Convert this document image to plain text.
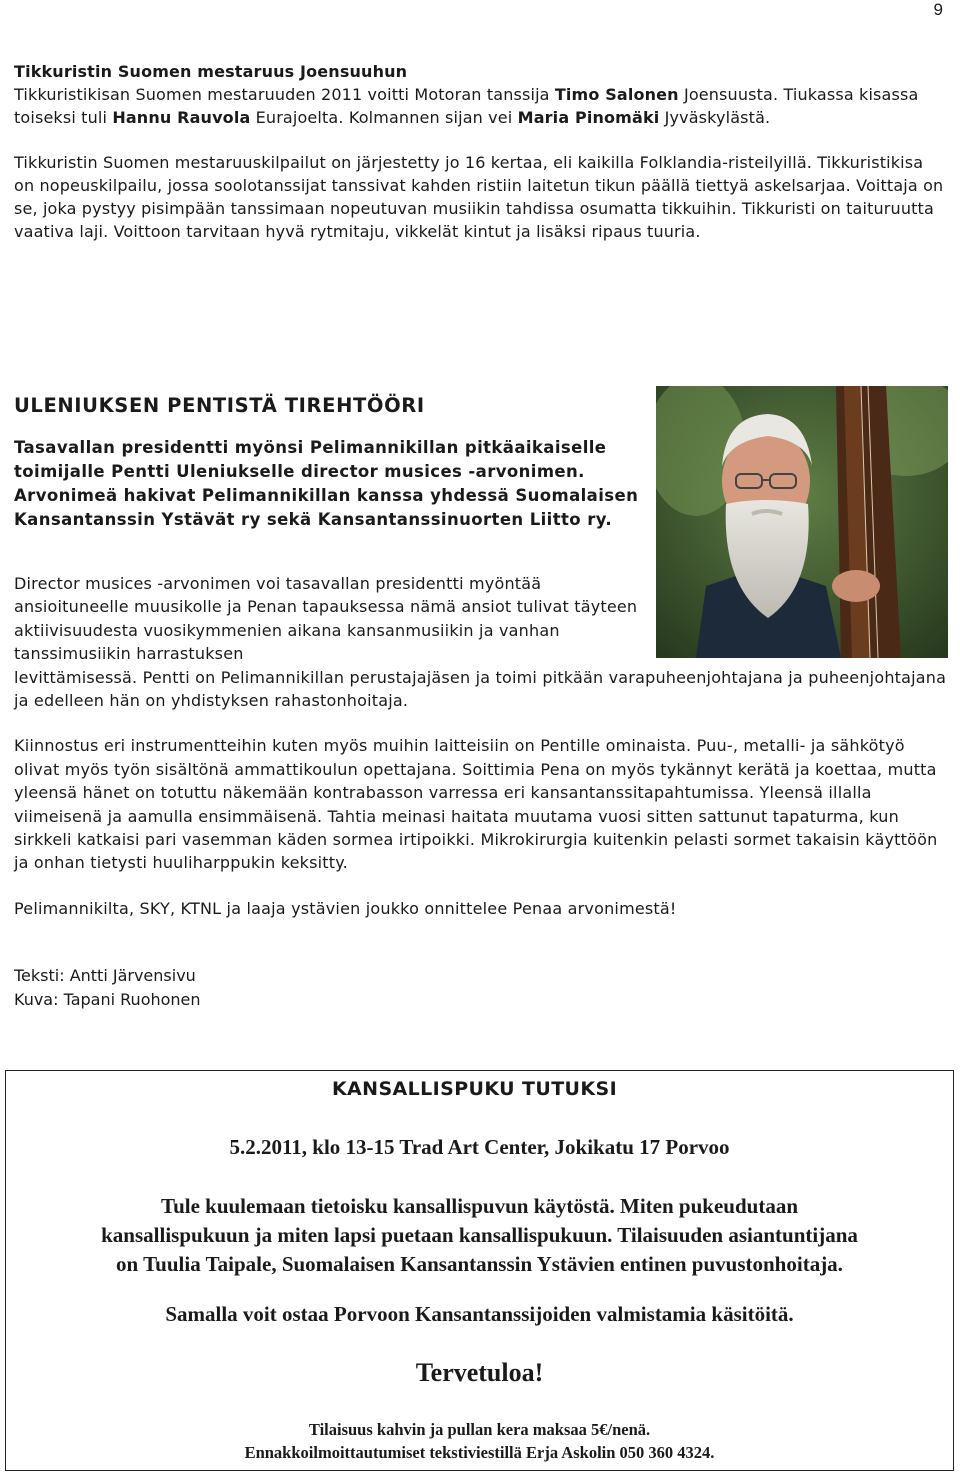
9

Tikkuristin Suomen mestaruus Joensuuhun
Tikkuristikisan Suomen mestaruuden 2011 voitti Motoran tanssija Timo Salonen Joensuusta. Tiukassa kisassa toiseksi tuli Hannu Rauvola Eurajoelta. Kolmannen sijan vei Maria Pinomäki Jyväskylästä.

Tikkuristin Suomen mestaruuskilpailut on järjestetty jo 16 kertaa, eli kaikilla Folklandia-risteilyillä. Tikkuristikisa on nopeuskilpailu, jossa soolotanssijat tanssivat kahden ristiin laitetun tikun päällä tiettyä askelsarjaa. Voittaja on se, joka pystyy pisimpään tanssimaan nopeutuvan musiikin tahdissa osumatta tikkuihin. Tikkuristi on taituruutta vaativa laji. Voittoon tarvitaan hyvä rytmitaju, vikkelät kintut ja lisäksi ripaus tuuria.

ULENIUKSEN PENTISTÄ TIREHTÖÖRI

Tasavallan presidentti myönsi Pelimannikillan pitkäaikaiselle toimijalle Pentti Uleniukselle director musices -arvonimen. Arvonimeä hakivat Pelimannikillan kanssa yhdessä Suomalaisen Kansantanssin Ystävät ry sekä Kansantanssinuorten Liitto ry.

Director musices -arvonimen voi tasavallan presidentti myöntää ansioituneelle muusikolle ja Penan tapauksessa nämä ansiot tulivat täyteen aktiivisuudesta vuosikymmenien aikana kansanmusiikin ja vanhan tanssimusiikin harrastuksen
levittämisessä. Pentti on Pelimannikillan perustajajäsen ja toimi pitkään varapuheenjohtajana ja puheenjohtajana ja edelleen hän on yhdistyksen rahastonhoitaja.

Kiinnostus eri instrumentteihin kuten myös muihin laitteisiin on Pentille ominaista. Puu-, metalli- ja sähkötyö olivat myös työn sisältönä ammattikoulun opettajana. Soittimia Pena on myös tykännyt kerätä ja koettaa, mutta yleensä hänet on totuttu näkemään kontrabasson varressa eri kansantanssitapahtumissa. Yleensä illalla viimeisenä ja aamulla ensimmäisenä. Tahtia meinasi haitata muutama vuosi sitten sattunut tapaturma, kun sirkkeli katkaisi pari vasemman käden sormea irtipoikki. Mikrokirurgia kuitenkin pelasti sormet takaisin käyttöön ja onhan tietysti huuliharppukin keksitty.

Pelimannikilta, SKY, KTNL ja laaja ystävien joukko onnittelee Penaa arvonimestä!

Teksti: Antti Järvensivu
Kuva: Tapani Ruohonen
KANSALLISPUKU TUTUKSI
5.2.2011, klo 13-15 Trad Art Center, Jokikatu 17 Porvoo

Tule kuulemaan tietoisku kansallispuvun käytöstä. Miten pukeudutaan

kansallispukuun ja miten lapsi puetaan kansallispukuun. Tilaisuuden asiantuntijana

on Tuulia Taipale, Suomalaisen Kansantanssin Ystävien entinen puvustonhoitaja.

Samalla voit ostaa Porvoon Kansantanssijoiden valmistamia käsitöitä.
Tervetuloa!

Tilaisuus kahvin ja pullan kera maksaa 5€/nenä.

Ennakkoilmoittautumiset tekstiviestillä Erja Askolin 050 360 4324.
